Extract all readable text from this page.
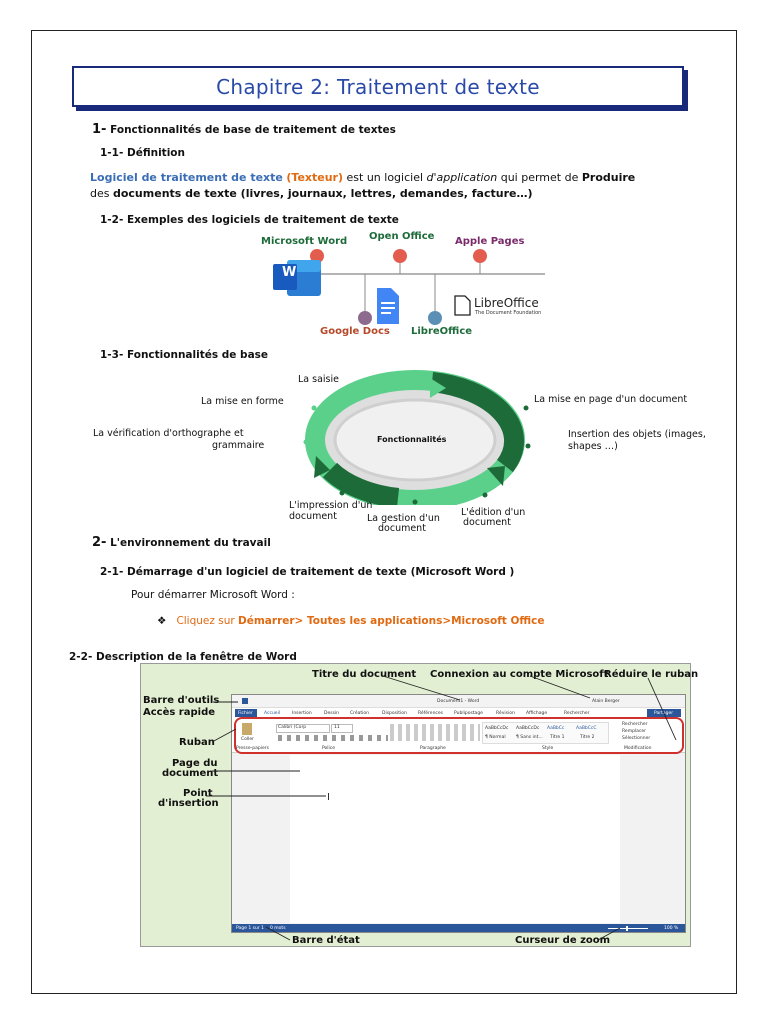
Chapitre 2: Traitement de texte
1- Fonctionnalités de base de traitement de textes
1-1- Définition
Logiciel de traitement de texte (Texteur) est un logiciel d'application qui permet de Produire des documents de texte (livres, journaux, lettres, demandes, facture…)
1-2- Exemples des logiciels de traitement de texte
Microsoft Word Open Office Apple Pages
W
Google Docs LibreOffice
LibreOffice
The Document Foundation
1-3- Fonctionnalités de base
Fonctionnalités
La saisie
La mise en forme
La vérification d'orthographe et
grammaire
La mise en page d'un document
Insertion des objets (images,
shapes …)
L'impression d'un
document	La gestion d'un
document
L'édition d'un
document
2- L'environnement du travail
2-1- Démarrage d'un logiciel de traitement de texte (Microsoft Word )
Pour démarrer Microsoft Word :
❖ Cliquez sur Démarrer> Toutes les applications>Microsoft Office
2-2- Description de la fenêtre de Word
Document1 - Word	Alain Berger
Fichier	Accueil	Insertion	Dessin Création	Disposition Références Publipostage	Révision Affichage	Rechercher	Partager
Coller
Calibri (Corp	11	AaBbCcDc AaBbCcDc AaBbCc	AaBbCcC
¶ Normal ¶ Sans int... Titre 1	Titre 2
Rechercher
Remplacer
Sélectionner
Presse-papiers	Police	Paragraphe	Style	Modification
Page 1 sur 1 0 mots	100 %
Titre du document Connexion au compte Microsoft
Réduire le ruban
Barre d'outils
Accès rapide
Ruban
Page du
document
Point
d'insertion
Barre d'état	Curseur de zoom
